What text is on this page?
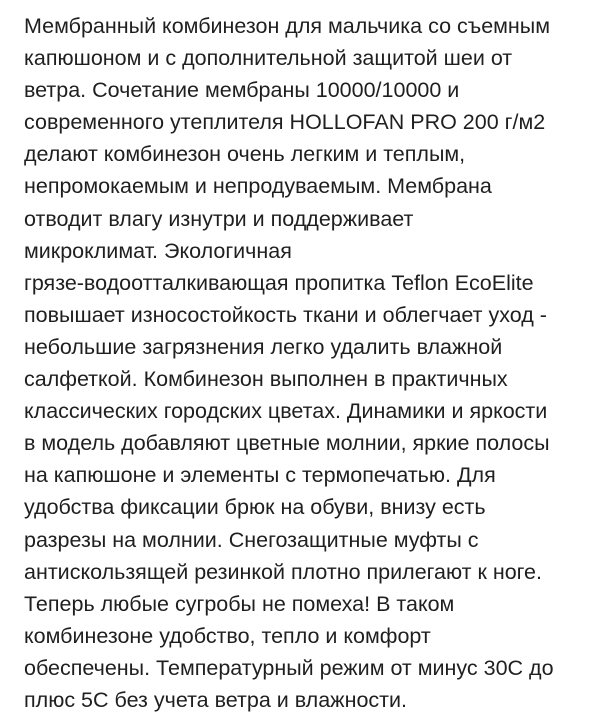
Мембранный комбинезон для мальчика со съемным
капюшоном и с дополнительной защитой шеи от
ветра. Сочетание мембраны 10000/10000 и
современного утеплителя HOLLOFAN PRO 200 г/м2
делают комбинезон очень легким и теплым,
непромокаемым и непродуваемым. Мембрана
отводит влагу изнутри и поддерживает
микроклимат. Экологичная
грязе-водоотталкивающая пропитка Teflon EcoElite
повышает износостойкость ткани и облегчает уход -
небольшие загрязнения легко удалить влажной
салфеткой. Комбинезон выполнен в практичных
классических городских цветах. Динамики и яркости
в модель добавляют цветные молнии, яркие полосы
на капюшоне и элементы с термопечатью. Для
удобства фиксации брюк на обуви, внизу есть
разрезы на молнии. Снегозащитные муфты с
антискользящей резинкой плотно прилегают к ноге.
Теперь любые сугробы не помеха! В таком
комбинезоне удобство, тепло и комфорт
обеспечены. Температурный режим от минус 30С до
плюс 5С без учета ветра и влажности.
